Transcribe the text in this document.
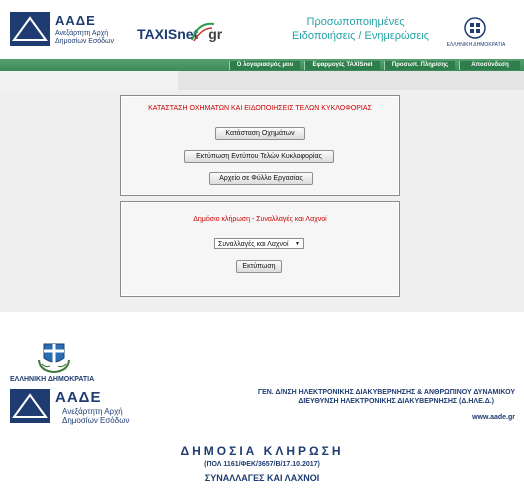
ΑΑΔΕ
Ανεξάρτητη Αρχή
Δημοσίων Εσόδων TAXISnet gr
Προσωποποιημένες
Ειδοποιήσεις / Ενημερώσεις
ΕΛΛΗΝΙΚΗ ΔΗΜΟΚΡΑΤΙΑ
Ο λογαριασμός μου	Εφαρμογές TAXISnet	Προσωπ. Πληρ/σης	Αποσύνδεση
ΚΑΤΑΣΤΑΣΗ ΟΧΗΜΑΤΩΝ ΚΑΙ ΕΙΔΟΠΟΙΗΣΕΙΣ ΤΕΛΩΝ ΚΥΚΛΟΦΟΡΙΑΣ
Κατάσταση Οχημάτων
Εκτύπωση Εντύπου Τελών Κυκλοφορίας
Αρχείο σε Φύλλο Εργασίας
Δημόσιο κλήρωση - Συναλλαγές και Λαχνοί
Συναλλαγές και Λαχνοί ▼
Εκτύπωση
ΕΛΛΗΝΙΚΗ ΔΗΜΟΚΡΑΤΙΑ
ΑΑΔΕ
Ανεξάρτητη Αρχή
Δημοσίων Εσόδων
ΓΕΝ. Δ/ΝΣΗ ΗΛΕΚΤΡΟΝΙΚΗΣ ΔΙΑΚΥΒΕΡΝΗΣΗΣ & ΑΝΘΡΩΠΙΝΟΥ ΔΥΝΑΜΙΚΟΥ
ΔΙΕΥΘΥΝΣΗ ΗΛΕΚΤΡΟΝΙΚΗΣ ΔΙΑΚΥΒΕΡΝΗΣΗΣ (Δ.ΗΛΕ.Δ.)
www.aade.gr
ΔΗΜΟΣΙΑ ΚΛΗΡΩΣΗ
(ΠΟΛ 1161/ΦΕΚ/3657/Β/17.10.2017)
ΣΥΝΑΛΛΑΓΕΣ ΚΑΙ ΛΑΧΝΟΙ
